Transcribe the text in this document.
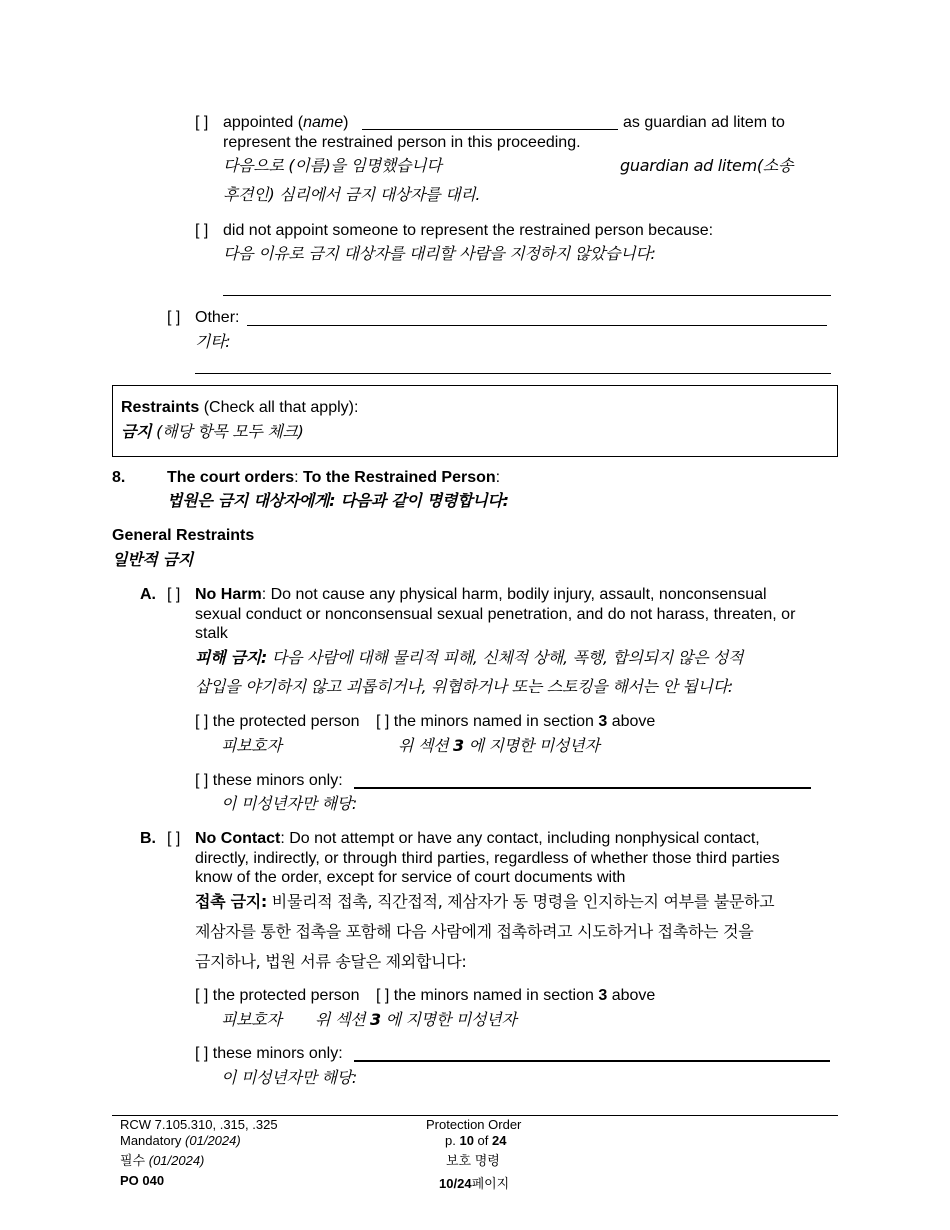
[ ] appointed (name)	as guardian ad litem to
represent the restrained person in this proceeding.
다음으로 (이름)을 임명했습니다	guardian ad litem(소송
후견인) 심리에서 금지 대상자를 대리.
[ ] did not appoint someone to represent the restrained person because:
다음 이유로 금지 대상자를 대리할 사람을 지정하지 않았습니다:
[ ] Other:
기타:
Restraints (Check all that apply):
금지 (해당 항목 모두 체크)
8.	The court orders: To the Restrained Person:
법원은 금지 대상자에게: 다음과 같이 명령합니다:
General Restraints
일반적 금지
A. [ ] No Harm: Do not cause any physical harm, bodily injury, assault, nonconsensual
sexual conduct or nonconsensual sexual penetration, and do not harass, threaten, or
stalk
피해 금지: 다음 사람에 대해 물리적 피해, 신체적 상해, 폭행, 합의되지 않은 성적
삽입을 야기하지 않고 괴롭히거나, 위협하거나 또는 스토킹을 해서는 안 됩니다:
[ ] the protected person [ ] the minors named in section 3 above
피보호자	위 섹션 3 에 지명한 미성년자
[ ] these minors only:
이 미성년자만 해당:
B. [ ] No Contact: Do not attempt or have any contact, including nonphysical contact,
directly, indirectly, or through third parties, regardless of whether those third parties
know of the order, except for service of court documents with
접촉 금지: 비물리적 접촉, 직간접적, 제삼자가 동 명령을 인지하는지 여부를 불문하고
제삼자를 통한 접촉을 포함해 다음 사람에게 접촉하려고 시도하거나 접촉하는 것을
금지하나, 법원 서류 송달은 제외합니다:
[ ] the protected person [ ] the minors named in section 3 above
피보호자 위 섹션 3 에 지명한 미성년자
[ ] these minors only:
이 미성년자만 해당:
RCW 7.105.310, .315, .325
Mandatory (01/2024)
필수 (01/2024)
PO 040
Protection Order
p. 10 of 24
보호 명령
10/24페이지
